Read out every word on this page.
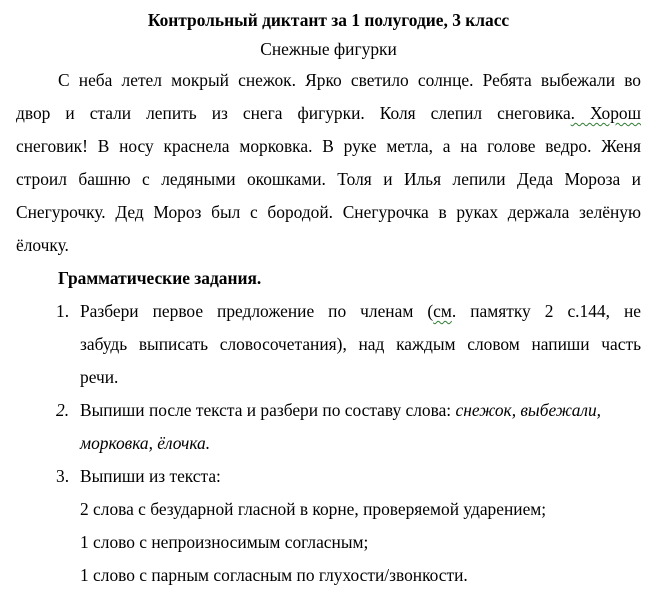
Контрольный диктант за 1 полугодие, 3 класс
Снежные фигурки
С неба летел мокрый снежок. Ярко светило солнце. Ребята выбежали во
двор и стали лепить из снега фигурки. Коля слепил снеговика. Хорош
снеговик! В носу краснела морковка. В руке метла, а на голове ведро. Женя
строил башню с ледяными окошками. Толя и Илья лепили Деда Мороза и
Снегурочку. Дед Мороз был с бородой. Снегурочка в руках держала зелёную
ёлочку.
Грамматические задания.
1. Разбери первое предложение по членам (см. памятку 2 с.144, не
забудь выписать словосочетания), над каждым словом напиши часть
речи.
2. Выпиши после текста и разбери по составу слова: снежок, выбежали,
морковка, ёлочка.
3. Выпиши из текста:
2 слова с безударной гласной в корне, проверяемой ударением;
1 слово с непроизносимым согласным;
1 слово с парным согласным по глухости/звонкости.
